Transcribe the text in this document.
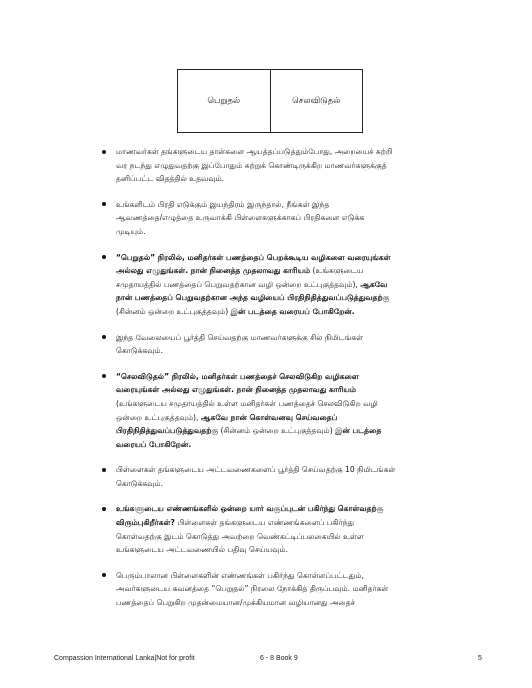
பெறுதல்	செலவிடுதல்
மாணவர்கள் தங்களுடைய தாள்களை ஆயத்தப்படுத்தும்போது, அறையைச் சுற்றி
வர நடந்து எழுதுவதற்கு இப்போதும் சுற்றுக் கொண்டிருக்கிற மாணவர்களுக்குத்
தனிப்பட்ட விதத்தில் உதவவும்.
உங்களிடம் பிரதி எடுக்கும் இயந்திரம் இருந்தால், நீங்கள் இந்த
ஆவணத்தை/எழுத்தை உருவாக்கி பிள்ளைகளுக்காகப் பிரதிகளை எடுக்க
முடியும்.
“பெறுதல்” நிரலில், மனிதர்கள் பணத்தைப் பெறக்கூடிய வழிகளை வரையுங்கள்
அல்லது எழுதுங்கள். நான் நினைத்த முதலாவது காரியம் (உங்களுடைய
சமுதாயத்தில் பணத்தைப் பெறுவதற்கான வழி ஒன்றை உட்புகுத்தவும்), ஆகவே
நான் பணத்தைப் பெறுவதற்கான அந்த வழியைப் பிரதிநிதித்துவப்படுத்துவதற்கு
(சின்னம் ஒன்றை உட்புகுத்தவும்) இன் படத்தை வரையப் போகிறேன்.
இந்த வேலையைப் பூர்த்தி செய்வதற்கு மாணவர்களுக்கு சில நிமிடங்கள்
கொடுக்கவும்.
“செலவிடுதல்” நிரலில், மனிதர்கள் பணத்தைச் செலவிடுகிற வழிகளை
வரையுங்கள் அல்லது எழுதுங்கள். நான் நினைத்த முதலாவது காரியம்
(உங்களுடைய சமுதாயத்தில் உள்ள மனிதர்கள் பணத்தைச் செலவிடுகிற வழி
ஒன்றை உட்புகுத்தவும்), ஆகவே நான் கொள்வனவு செய்வதைப்
பிரதிநிதித்துவப்படுத்துவதற்கு (சின்னம் ஒன்றை உட்புகுத்தவும்) இன் படத்தை
வரையப் போகிறேன்.
பிள்ளைகள் தங்களுடைய அட்டவணைகளைப் பூர்த்தி செய்வதற்கு 10 நிமிடங்கள்
கொடுக்கவும்.
உங்களுடைய எண்ணங்களில் ஒன்றை யார் வகுப்புடன் பகிர்ந்து கொள்வதற்கு
விரும்புகிறீர்கள்? பிள்ளைகள் தங்களுடைய எண்ணங்களைப் பகிர்ந்து
கொள்வதற்கு இடம் கொடுத்து அவற்றை வெண்கட்டிப்பலகையில் உள்ள
உங்களுடைய அட்டவணையில் பதிவு செய்யவும்.
பெரும்பாலான பிள்ளைகளின் எண்ணங்கள் பகிர்ந்து கொள்ளப்பட்டதும்,
அவர்களுடைய கவனத்தை “பெறுதல்” நிரலை நோக்கித் திருப்பவும். மனிதர்கள்
பணத்தைப் பெறுகிற முதன்மையான/முக்கியமான வழியானது அதைச்
Compassion International Lanka|Not for profit	6 - 8 Book 9	5
